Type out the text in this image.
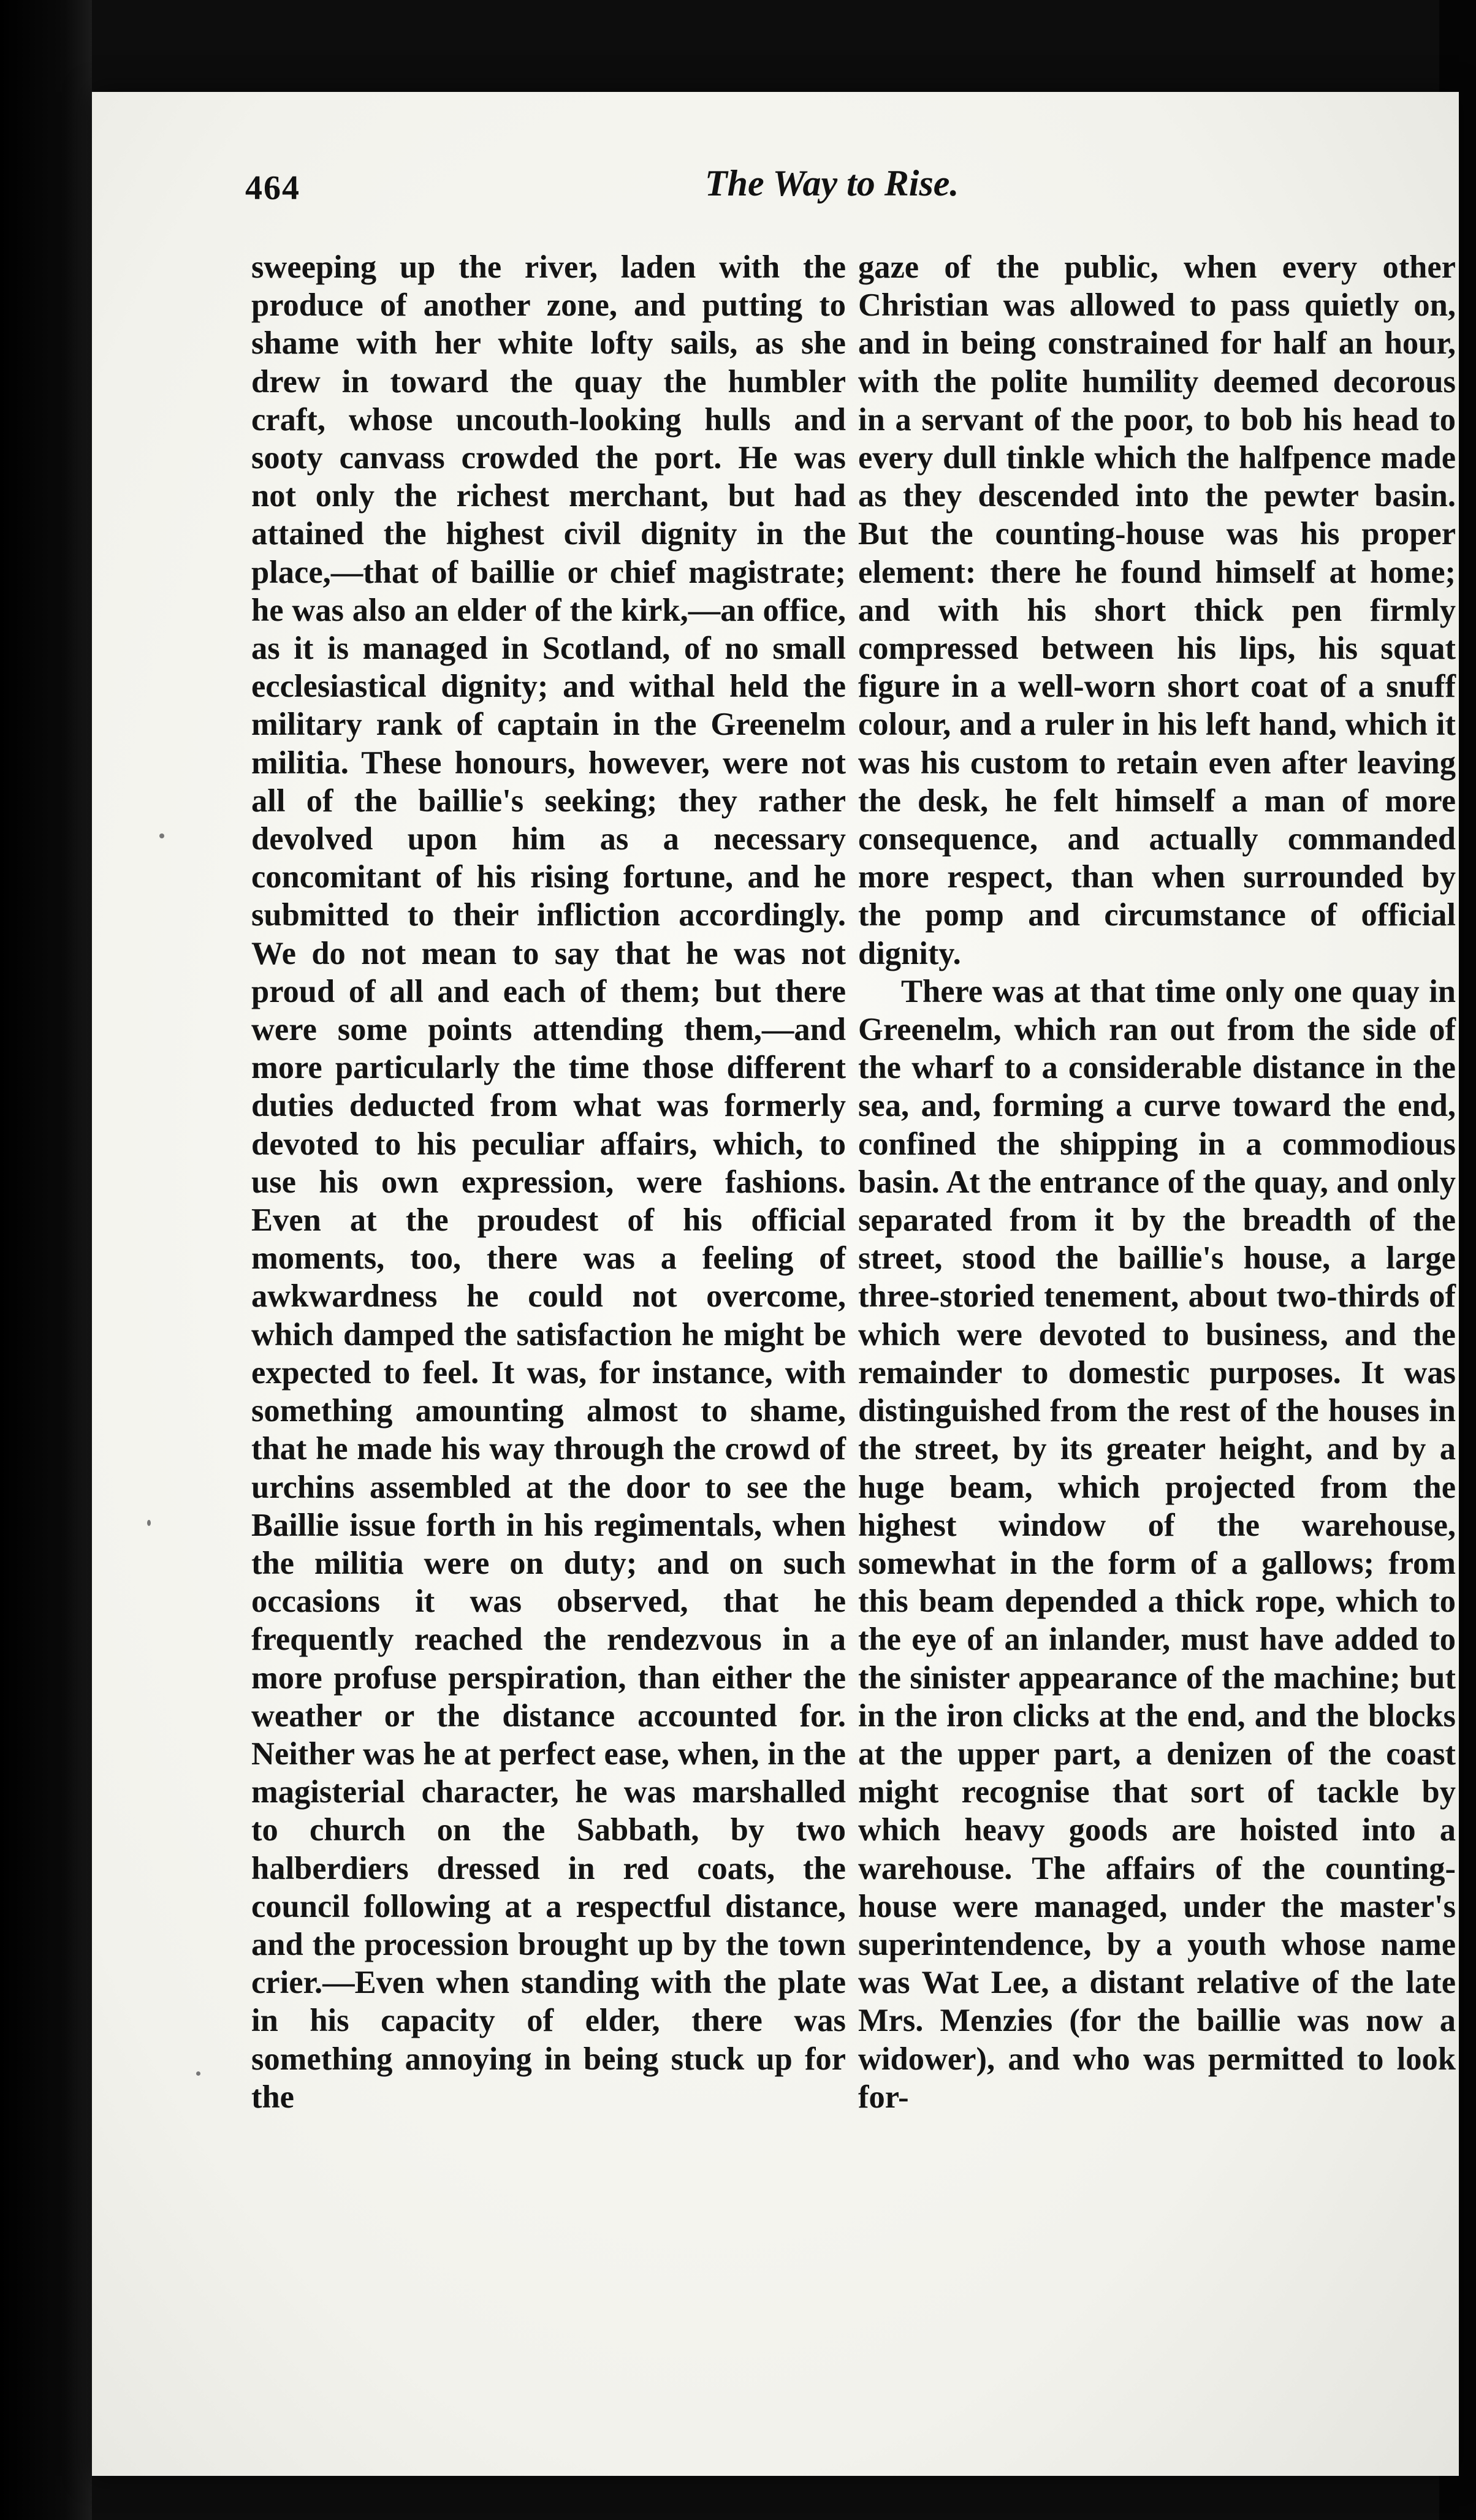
464	The Way to Rise.

sweeping up the river, laden with the produce of another zone, and putting to shame with her white lofty sails, as she drew in toward the quay the humbler craft, whose uncouth-looking hulls and sooty canvass crowded the port. He was not only the richest merchant, but had attained the highest civil dignity in the place,—that of baillie or chief magistrate; he was also an elder of the kirk,—an office, as it is managed in Scotland, of no small ecclesiastical dignity; and withal held the military rank of captain in the Greenelm militia. These honours, however, were not all of the baillie's seeking; they rather devolved upon him as a necessary concomitant of his rising fortune, and he submitted to their infliction accordingly. We do not mean to say that he was not proud of all and each of them; but there were some points attending them,—and more particularly the time those different duties deducted from what was formerly devoted to his peculiar affairs, which, to use his own expression, were fashions. Even at the proudest of his official moments, too, there was a feeling of awkwardness he could not overcome, which damped the satisfaction he might be expected to feel. It was, for instance, with something amounting almost to shame, that he made his way through the crowd of urchins assembled at the door to see the Baillie issue forth in his regimentals, when the militia were on duty; and on such occasions it was observed, that he frequently reached the rendezvous in a more profuse perspiration, than either the weather or the distance accounted for. Neither was he at perfect ease, when, in the magisterial character, he was marshalled to church on the Sabbath, by two halberdiers dressed in red coats, the council following at a respectful distance, and the procession brought up by the town crier.—Even when standing with the plate in his capacity of elder, there was something annoying in being stuck up for the

gaze of the public, when every other Christian was allowed to pass quietly on, and in being constrained for half an hour, with the polite humility deemed decorous in a servant of the poor, to bob his head to every dull tinkle which the halfpence made as they descended into the pewter basin. But the counting-house was his proper element: there he found himself at home; and with his short thick pen firmly compressed between his lips, his squat figure in a well-worn short coat of a snuff colour, and a ruler in his left hand, which it was his custom to retain even after leaving the desk, he felt himself a man of more consequence, and actually commanded more respect, than when surrounded by the pomp and circumstance of official dignity.

There was at that time only one quay in Greenelm, which ran out from the side of the wharf to a considerable distance in the sea, and, forming a curve toward the end, confined the shipping in a commodious basin. At the entrance of the quay, and only separated from it by the breadth of the street, stood the baillie's house, a large three-storied tenement, about two-thirds of which were devoted to business, and the remainder to domestic purposes. It was distinguished from the rest of the houses in the street, by its greater height, and by a huge beam, which projected from the highest window of the warehouse, somewhat in the form of a gallows; from this beam depended a thick rope, which to the eye of an inlander, must have added to the sinister appearance of the machine; but in the iron clicks at the end, and the blocks at the upper part, a denizen of the coast might recognise that sort of tackle by which heavy goods are hoisted into a warehouse. The affairs of the counting-house were managed, under the master's superintendence, by a youth whose name was Wat Lee, a distant relative of the late Mrs. Menzies (for the baillie was now a widower), and who was permitted to look for-
